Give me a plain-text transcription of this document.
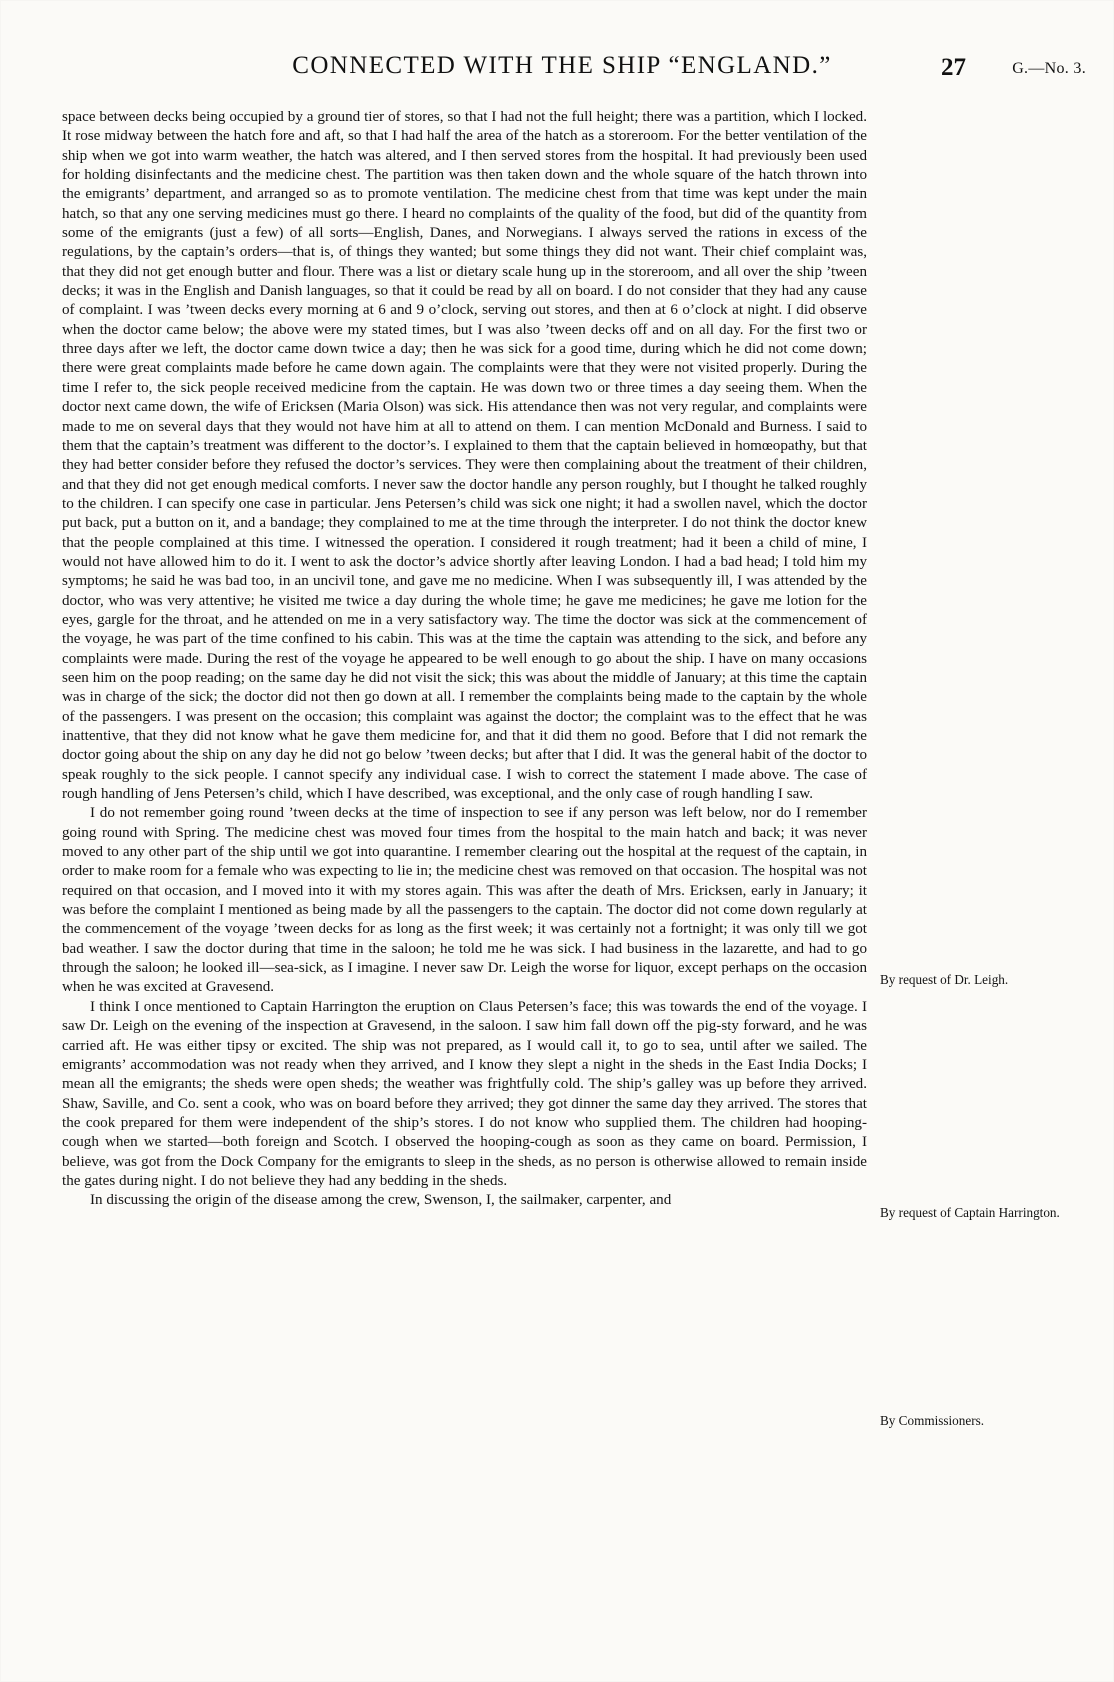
CONNECTED WITH THE SHIP “ENGLAND.”	27	G.—No. 3.

space between decks being occupied by a ground tier of stores, so that I had not the full height; there was a partition, which I locked. It rose midway between the hatch fore and aft, so that I had half the area of the hatch as a storeroom. For the better ventilation of the ship when we got into warm weather, the hatch was altered, and I then served stores from the hospital. It had previously been used for holding disinfectants and the medicine chest. The partition was then taken down and the whole square of the hatch thrown into the emigrants’ department, and arranged so as to promote ventilation. The medicine chest from that time was kept under the main hatch, so that any one serving medicines must go there. I heard no complaints of the quality of the food, but did of the quantity from some of the emigrants (just a few) of all sorts—English, Danes, and Norwegians. I always served the rations in excess of the regulations, by the captain’s orders—that is, of things they wanted; but some things they did not want. Their chief complaint was, that they did not get enough butter and flour. There was a list or dietary scale hung up in the storeroom, and all over the ship ’tween decks; it was in the English and Danish languages, so that it could be read by all on board. I do not consider that they had any cause of complaint. I was ’tween decks every morning at 6 and 9 o’clock, serving out stores, and then at 6 o’clock at night. I did observe when the doctor came below; the above were my stated times, but I was also ’tween decks off and on all day. For the first two or three days after we left, the doctor came down twice a day; then he was sick for a good time, during which he did not come down; there were great complaints made before he came down again. The complaints were that they were not visited properly. During the time I refer to, the sick people received medicine from the captain. He was down two or three times a day seeing them. When the doctor next came down, the wife of Ericksen (Maria Olson) was sick. His attendance then was not very regular, and complaints were made to me on several days that they would not have him at all to attend on them. I can mention McDonald and Burness. I said to them that the captain’s treatment was different to the doctor’s. I explained to them that the captain believed in homœopathy, but that they had better consider before they refused the doctor’s services. They were then complaining about the treatment of their children, and that they did not get enough medical comforts. I never saw the doctor handle any person roughly, but I thought he talked roughly to the children. I can specify one case in particular. Jens Petersen’s child was sick one night; it had a swollen navel, which the doctor put back, put a button on it, and a bandage; they complained to me at the time through the interpreter. I do not think the doctor knew that the people complained at this time. I witnessed the operation. I considered it rough treatment; had it been a child of mine, I would not have allowed him to do it. I went to ask the doctor’s advice shortly after leaving London. I had a bad head; I told him my symptoms; he said he was bad too, in an uncivil tone, and gave me no medicine. When I was subsequently ill, I was attended by the doctor, who was very attentive; he visited me twice a day during the whole time; he gave me medicines; he gave me lotion for the eyes, gargle for the throat, and he attended on me in a very satisfactory way. The time the doctor was sick at the commencement of the voyage, he was part of the time confined to his cabin. This was at the time the captain was attending to the sick, and before any complaints were made. During the rest of the voyage he appeared to be well enough to go about the ship. I have on many occasions seen him on the poop reading; on the same day he did not visit the sick; this was about the middle of January; at this time the captain was in charge of the sick; the doctor did not then go down at all. I remember the complaints being made to the captain by the whole of the passengers. I was present on the occasion; this complaint was against the doctor; the complaint was to the effect that he was inattentive, that they did not know what he gave them medicine for, and that it did them no good. Before that I did not remark the doctor going about the ship on any day he did not go below ’tween decks; but after that I did. It was the general habit of the doctor to speak roughly to the sick people. I cannot specify any individual case. I wish to correct the statement I made above. The case of rough handling of Jens Petersen’s child, which I have described, was exceptional, and the only case of rough handling I saw.

I do not remember going round ’tween decks at the time of inspection to see if any person was left below, nor do I remember going round with Spring. The medicine chest was moved four times from the hospital to the main hatch and back; it was never moved to any other part of the ship until we got into quarantine. I remember clearing out the hospital at the request of the captain, in order to make room for a female who was expecting to lie in; the medicine chest was removed on that occasion. The hospital was not required on that occasion, and I moved into it with my stores again. This was after the death of Mrs. Ericksen, early in January; it was before the complaint I mentioned as being made by all the passengers to the captain. The doctor did not come down regularly at the commencement of the voyage ’tween decks for as long as the first week; it was certainly not a fortnight; it was only till we got bad weather. I saw the doctor during that time in the saloon; he told me he was sick. I had business in the lazarette, and had to go through the saloon; he looked ill—sea-sick, as I imagine. I never saw Dr. Leigh the worse for liquor, except perhaps on the occasion when he was excited at Gravesend.

I think I once mentioned to Captain Harrington the eruption on Claus Petersen’s face; this was towards the end of the voyage. I saw Dr. Leigh on the evening of the inspection at Gravesend, in the saloon. I saw him fall down off the pig-sty forward, and he was carried aft. He was either tipsy or excited. The ship was not prepared, as I would call it, to go to sea, until after we sailed. The emigrants’ accommodation was not ready when they arrived, and I know they slept a night in the sheds in the East India Docks; I mean all the emigrants; the sheds were open sheds; the weather was frightfully cold. The ship’s galley was up before they arrived. Shaw, Saville, and Co. sent a cook, who was on board before they arrived; they got dinner the same day they arrived. The stores that the cook prepared for them were independent of the ship’s stores. I do not know who supplied them. The children had hooping-cough when we started—both foreign and Scotch. I observed the hooping-cough as soon as they came on board. Permission, I believe, was got from the Dock Company for the emigrants to sleep in the sheds, as no person is otherwise allowed to remain inside the gates during night. I do not believe they had any bedding in the sheds.

In discussing the origin of the disease among the crew, Swenson, I, the sailmaker, carpenter, and

By request of Dr. Leigh.
By request of Captain Harrington.
By Commissioners.
